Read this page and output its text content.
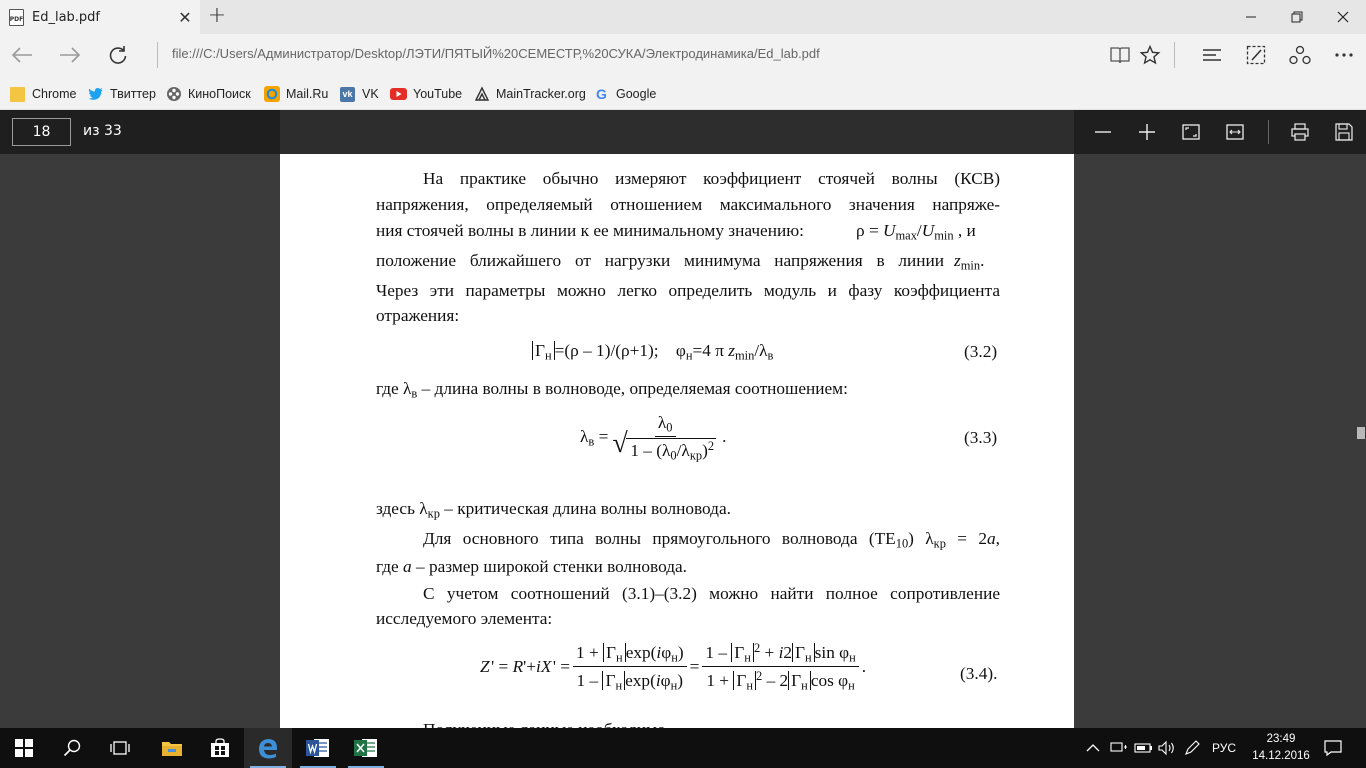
PDF Ed_lab.pdf	✕ +
file:///C:/Users/Администратор/Desktop/ЛЭТИ/ПЯТЫЙ%20СЕМЕСТР,%20СУКА/Электродинамика/Ed_lab.pdf
Chrome	Твиттер	КиноПоиск	Mail.Ru vk VK	YouTube	MainTracker.org G Google
18	из 33
На практике обычно измеряют коэффициент стоячей волны (КСВ)
напряжения, определяемый отношением максимального значения напряже-
ния стоячей волны в линии к ее минимальному значению:	$\rho = U_{max}/U_{min}$ , и
положение ближайшего от нагрузки минимума напряжения в линии $z_{min}$.
Через эти параметры можно легко определить модуль и фазу коэффициента
отражения:
$\Gamma_н =(\rho - 1)/(\rho+1)$;    $\varphi_н=4$ π $z_{min}/\lambda_в$	(3.2)
где $\lambda_в$ – длина волны в волноводе, определяемая соотношением:
$\lambda_в = \lambda_0$
√ $1 - (\lambda_0/\lambda_{кр})^2$ .	(3.3)
здесь $\lambda_{кр}$ – критическая длина волны волновода.
Для основного типа волны прямоугольного волновода $(TE_{10}) \lambda_{кр} = 2a$,
где a – размер широкой стенки волновода.
С учетом соотношений (3.1)–(3.2) можно найти полное сопротивление
исследуемого элемента:
Z  ' = R '+ iX  ' = $\frac{1 + \Gamma_н \exp(i\varphi_н)}{1 - \Gamma_н \exp(i\varphi_н)} = \frac{1 - \Gamma_н^2 + i2 \Gamma_н \sin \varphi_н}{1 + \Gamma_н^2 - 2 \Gamma_н \cos \varphi_н}$ .	(3.4).
РУС
23:49
14.12.2016
